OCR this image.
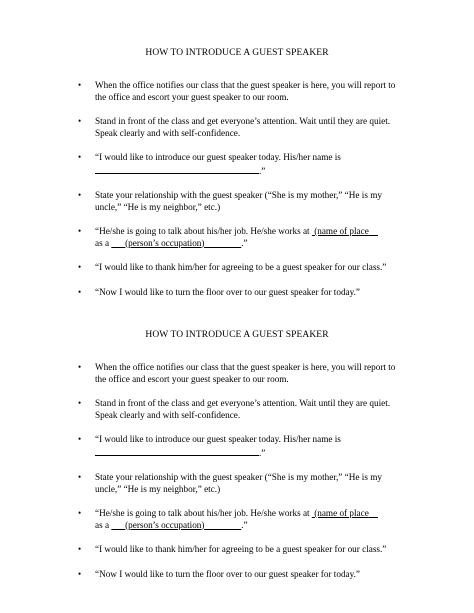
HOW TO INTRODUCE A GUEST SPEAKER
• When the office notifies our class that the guest speaker is here, you will report to
the office and escort your guest speaker to our room.
• Stand in front of the class and get everyone’s attention. Wait until they are quiet.
Speak clearly and with self-confidence.
• “I would like to introduce our guest speaker today. His/her name is
.”
• State your relationship with the guest speaker (“She is my mother,” “He is my
uncle,” “He is my neighbor,” etc.)
• “He/she is going to talk about his/her job. He/she works at  (name of place
as a       (person’s occupation)	.”
• “I would like to thank him/her for agreeing to be a guest speaker for our class.”
• “Now I would like to turn the floor over to our guest speaker for today.”
HOW TO INTRODUCE A GUEST SPEAKER
• When the office notifies our class that the guest speaker is here, you will report to
the office and escort your guest speaker to our room.
• Stand in front of the class and get everyone’s attention. Wait until they are quiet.
Speak clearly and with self-confidence.
• “I would like to introduce our guest speaker today. His/her name is
.”
• State your relationship with the guest speaker (“She is my mother,” “He is my
uncle,” “He is my neighbor,” etc.)
• “He/she is going to talk about his/her job. He/she works at  (name of place
as a       (person’s occupation)	.”
• “I would like to thank him/her for agreeing to be a guest speaker for our class.”
• “Now I would like to turn the floor over to our guest speaker for today.”
